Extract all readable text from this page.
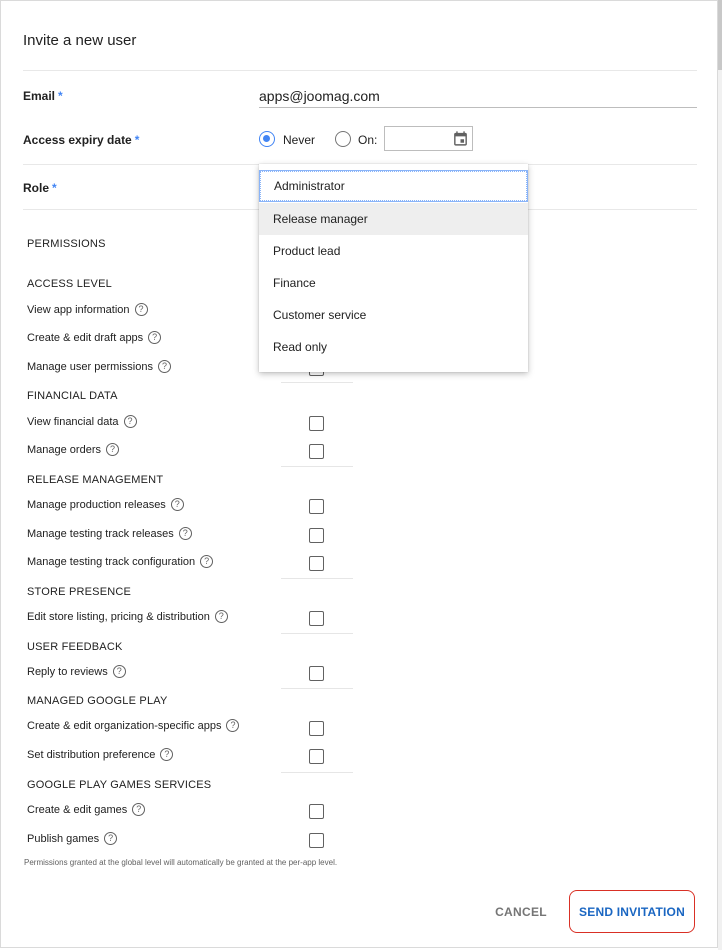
Invite a new user
Email *
apps@joomag.com
Access expiry date *	Never	On:
Role *
PERMISSIONS
ACCESS LEVEL
View app information ?
Create & edit draft apps ?
Manage user permissions ?
FINANCIAL DATA
View financial data ?
Manage orders ?
RELEASE MANAGEMENT
Manage production releases ?
Manage testing track releases ?
Manage testing track configuration ?
STORE PRESENCE
Edit store listing, pricing & distribution ?
USER FEEDBACK
Reply to reviews ?
MANAGED GOOGLE PLAY
Create & edit organization-specific apps ?
Set distribution preference ?
GOOGLE PLAY GAMES SERVICES
Create & edit games ?
Publish games ?
Permissions granted at the global level will automatically be granted at the per-app level.
CANCEL	SEND INVITATION
Administrator
Release manager
Product lead
Finance
Customer service
Read only
